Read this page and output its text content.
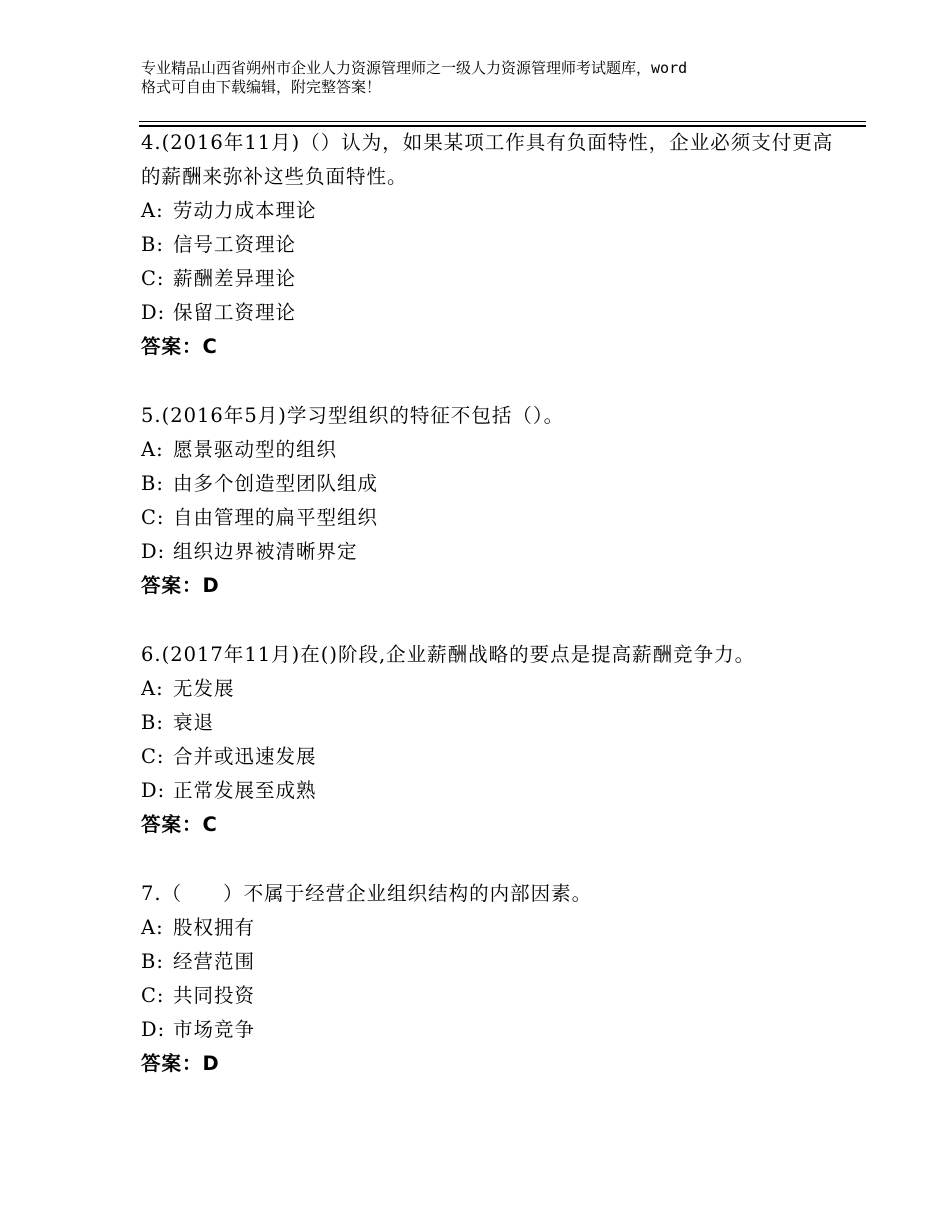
专业精品山西省朔州市企业人力资源管理师之一级人力资源管理师考试题库，word

格式可自由下载编辑，附完整答案！

4.(2016年11月)（）认为，如果某项工作具有负面特性，企业必须支付更高的薪酬来弥补这些负面特性。

A: 劳动力成本理论

B: 信号工资理论

C: 薪酬差异理论

D: 保留工资理论

答案：C

5.(2016年5月)学习型组织的特征不包括（）。

A: 愿景驱动型的组织

B: 由多个创造型团队组成

C: 自由管理的扁平型组织

D: 组织边界被清晰界定

答案：D

6.(2017年11月)在()阶段,企业薪酬战略的要点是提高薪酬竞争力。

A: 无发展

B: 衰退

C: 合并或迅速发展

D: 正常发展至成熟

答案：C

7.（　　）不属于经营企业组织结构的内部因素。

A: 股权拥有

B: 经营范围

C: 共同投资

D: 市场竞争

答案：D
